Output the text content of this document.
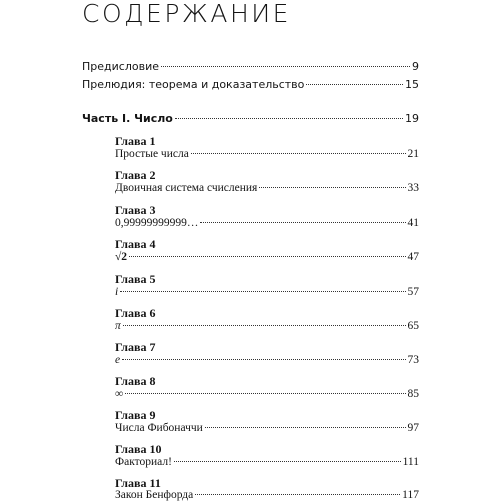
СОДЕРЖАНИЕ
Предисловие	9
Прелюдия: теорема и доказательство	15
Часть I. Число	19
Глава 1
Простые числа	21
Глава 2
Двоичная система счисления	33
Глава 3
0,99999999999…	41
Глава 4
√2	47
Глава 5
i	57
Глава 6
π	65
Глава 7
e	73
Глава 8
∞	85
Глава 9
Числа Фибоначчи	97
Глава 10
Факториал!	111
Глава 11
Закон Бенфорда	117
